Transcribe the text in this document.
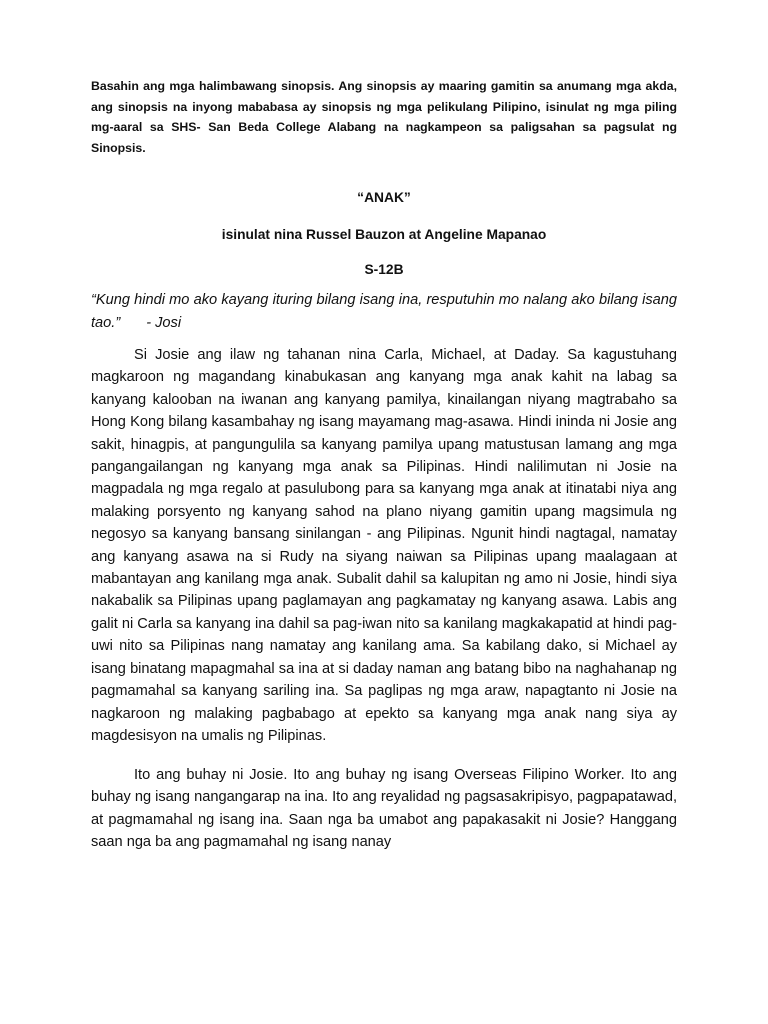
Basahin ang mga halimbawang sinopsis. Ang sinopsis ay maaring gamitin sa anumang mga akda, ang sinopsis na inyong mababasa ay sinopsis ng mga pelikulang Pilipino, isinulat ng mga piling mg-aaral sa SHS- San Beda College Alabang na nagkampeon sa paligsahan sa pagsulat ng Sinopsis.

“ANAK”

isinulat nina Russel Bauzon at Angeline Mapanao

S-12B

“Kung hindi mo ako kayang ituring bilang isang ina, resputuhin mo nalang ako bilang isang tao.” - Josi

Si Josie ang ilaw ng tahanan nina Carla, Michael, at Daday. Sa kagustuhang magkaroon ng magandang kinabukasan ang kanyang mga anak kahit na labag sa kanyang kalooban na iwanan ang kanyang pamilya, kinailangan niyang magtrabaho sa Hong Kong bilang kasambahay ng isang mayamang mag-asawa. Hindi ininda ni Josie ang sakit, hinagpis, at pangungulila sa kanyang pamilya upang matustusan lamang ang mga pangangailangan ng kanyang mga anak sa Pilipinas. Hindi nalilimutan ni Josie na magpadala ng mga regalo at pasulubong para sa kanyang mga anak at itinatabi niya ang malaking porsyento ng kanyang sahod na plano niyang gamitin upang magsimula ng negosyo sa kanyang bansang sinilangan - ang Pilipinas. Ngunit hindi nagtagal, namatay ang kanyang asawa na si Rudy na siyang naiwan sa Pilipinas upang maalagaan at mabantayan ang kanilang mga anak. Subalit dahil sa kalupitan ng amo ni Josie, hindi siya nakabalik sa Pilipinas upang paglamayan ang pagkamatay ng kanyang asawa. Labis ang galit ni Carla sa kanyang ina dahil sa pag-iwan nito sa kanilang magkakapatid at hindi pag-uwi nito sa Pilipinas nang namatay ang kanilang ama. Sa kabilang dako, si Michael ay isang binatang mapagmahal sa ina at si daday naman ang batang bibo na naghahanap ng pagmamahal sa kanyang sariling ina. Sa paglipas ng mga araw, napagtanto ni Josie na nagkaroon ng malaking pagbabago at epekto sa kanyang mga anak nang siya ay magdesisyon na umalis ng Pilipinas.

Ito ang buhay ni Josie. Ito ang buhay ng isang Overseas Filipino Worker. Ito ang buhay ng isang nangangarap na ina. Ito ang reyalidad ng pagsasakripisyo, pagpapatawad, at pagmamahal ng isang ina. Saan nga ba umabot ang papakasakit ni Josie? Hanggang saan nga ba ang pagmamahal ng isang nanay
